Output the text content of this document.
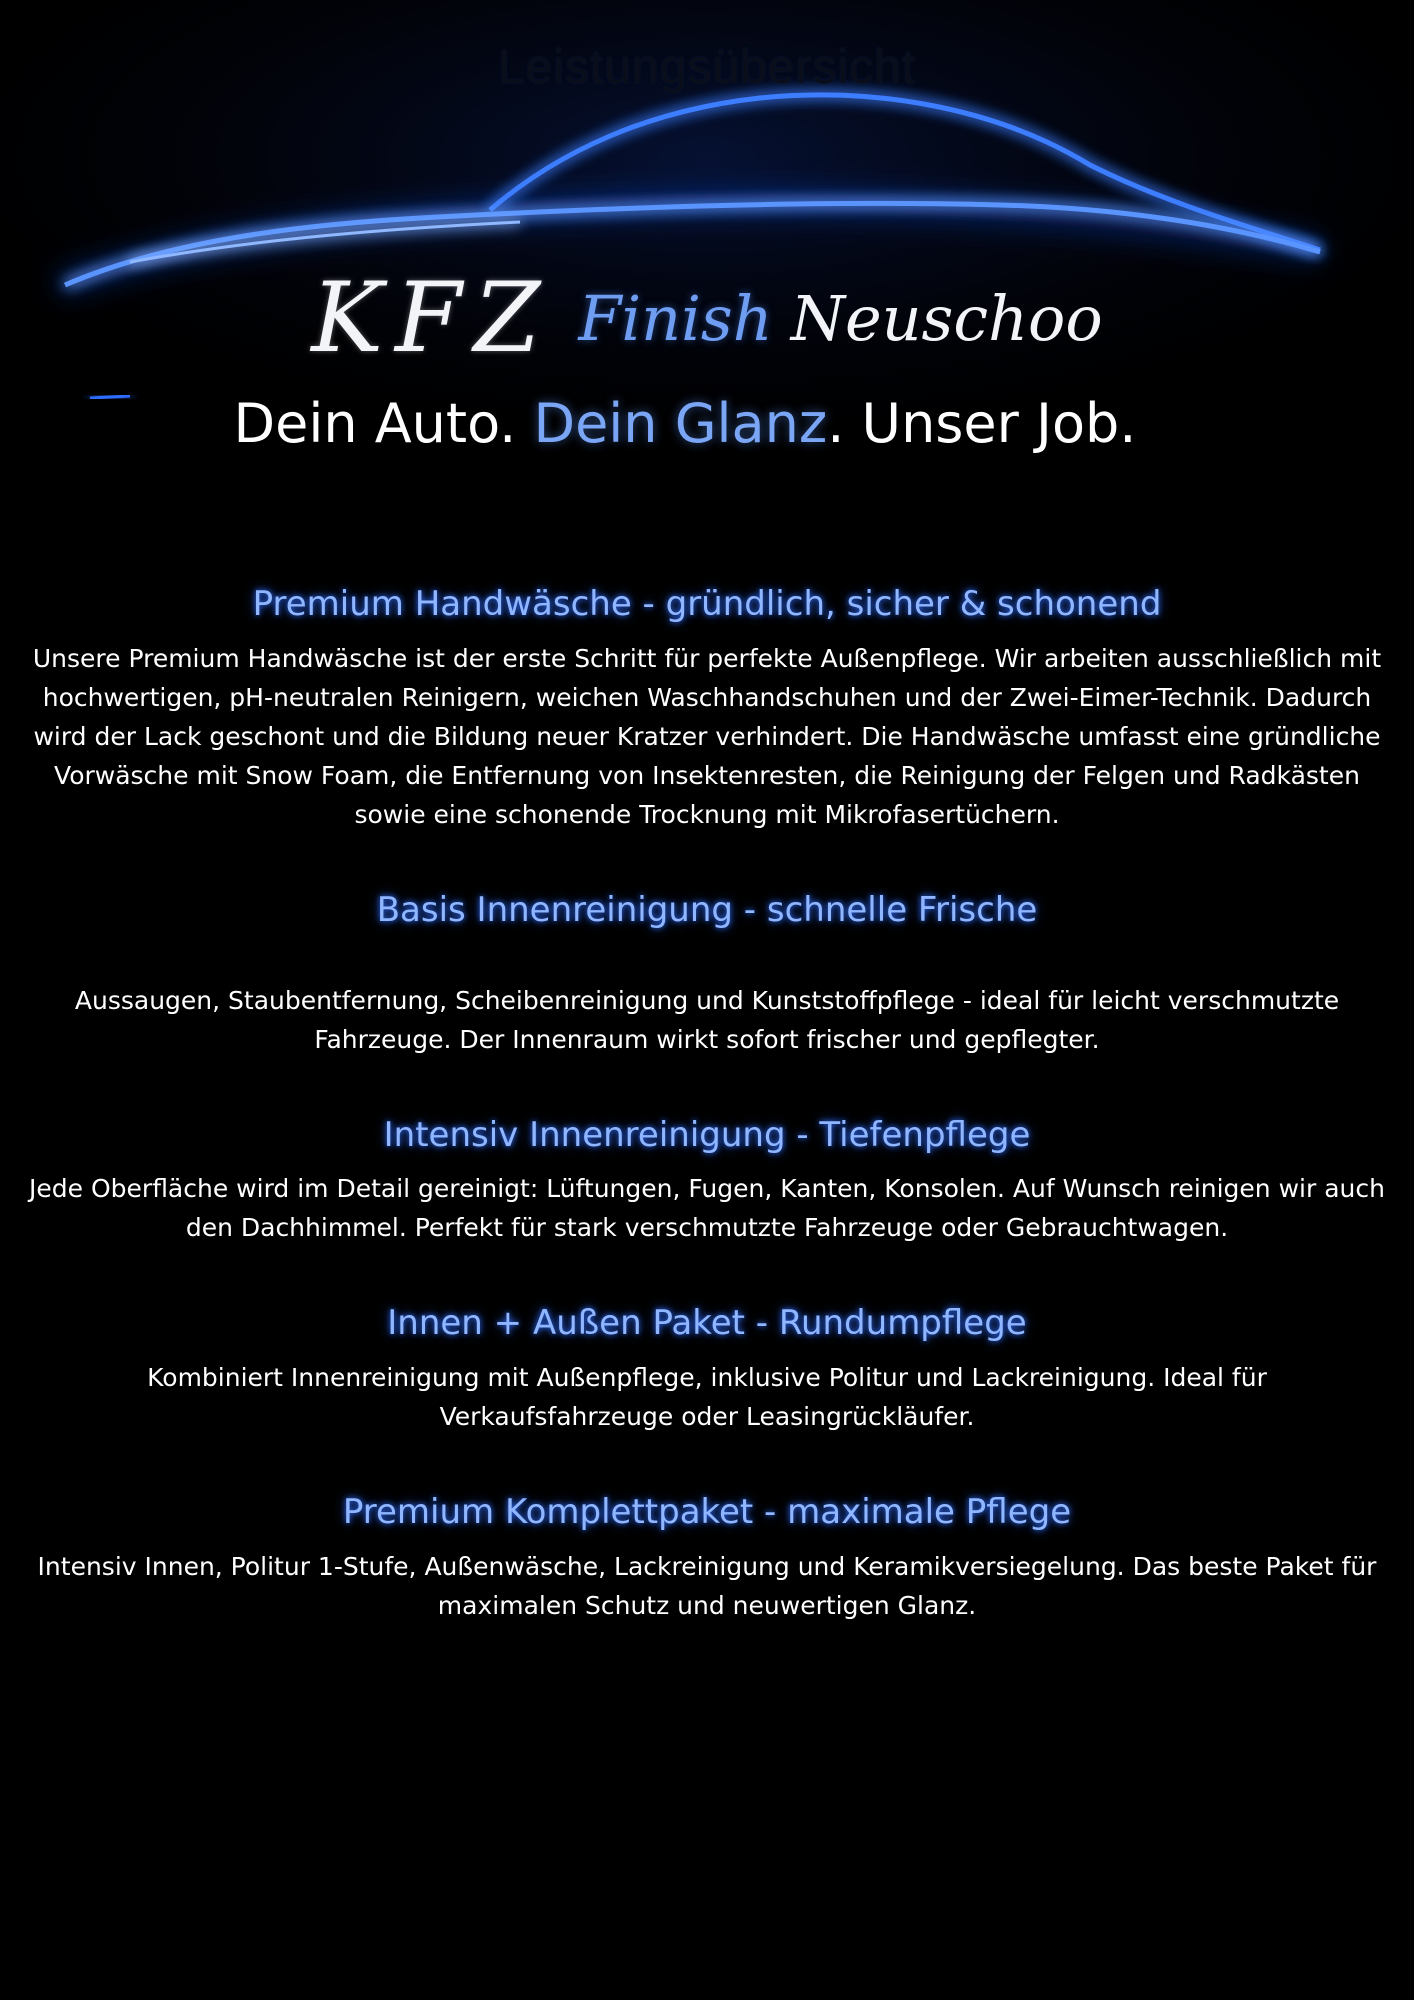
Leistungsübersicht
KFZ Finish Neuschoo
Dein Auto. Dein Glanz. Unser Job.
Premium Handwäsche - gründlich, sicher & schonend

Unsere Premium Handwäsche ist der erste Schritt für perfekte Außenpflege. Wir arbeiten ausschließlich mit hochwertigen, pH-neutralen Reinigern, weichen Waschhandschuhen und der Zwei-Eimer-Technik. Dadurch wird der Lack geschont und die Bildung neuer Kratzer verhindert. Die Handwäsche umfasst eine gründliche Vorwäsche mit Snow Foam, die Entfernung von Insektenresten, die Reinigung der Felgen und Radkästen sowie eine schonende Trocknung mit Mikrofasertüchern.

Basis Innenreinigung - schnelle Frische

Aussaugen, Staubentfernung, Scheibenreinigung und Kunststoffpflege - ideal für leicht verschmutzte Fahrzeuge. Der Innenraum wirkt sofort frischer und gepflegter.

Intensiv Innenreinigung - Tiefenpflege

Jede Oberfläche wird im Detail gereinigt: Lüftungen, Fugen, Kanten, Konsolen. Auf Wunsch reinigen wir auch den Dachhimmel. Perfekt für stark verschmutzte Fahrzeuge oder Gebrauchtwagen.

Innen + Außen Paket - Rundumpflege

Kombiniert Innenreinigung mit Außenpflege, inklusive Politur und Lackreinigung. Ideal für Verkaufsfahrzeuge oder Leasingrückläufer.

Premium Komplettpaket - maximale Pflege

Intensiv Innen, Politur 1-Stufe, Außenwäsche, Lackreinigung und Keramikversiegelung. Das beste Paket für maximalen Schutz und neuwertigen Glanz.
